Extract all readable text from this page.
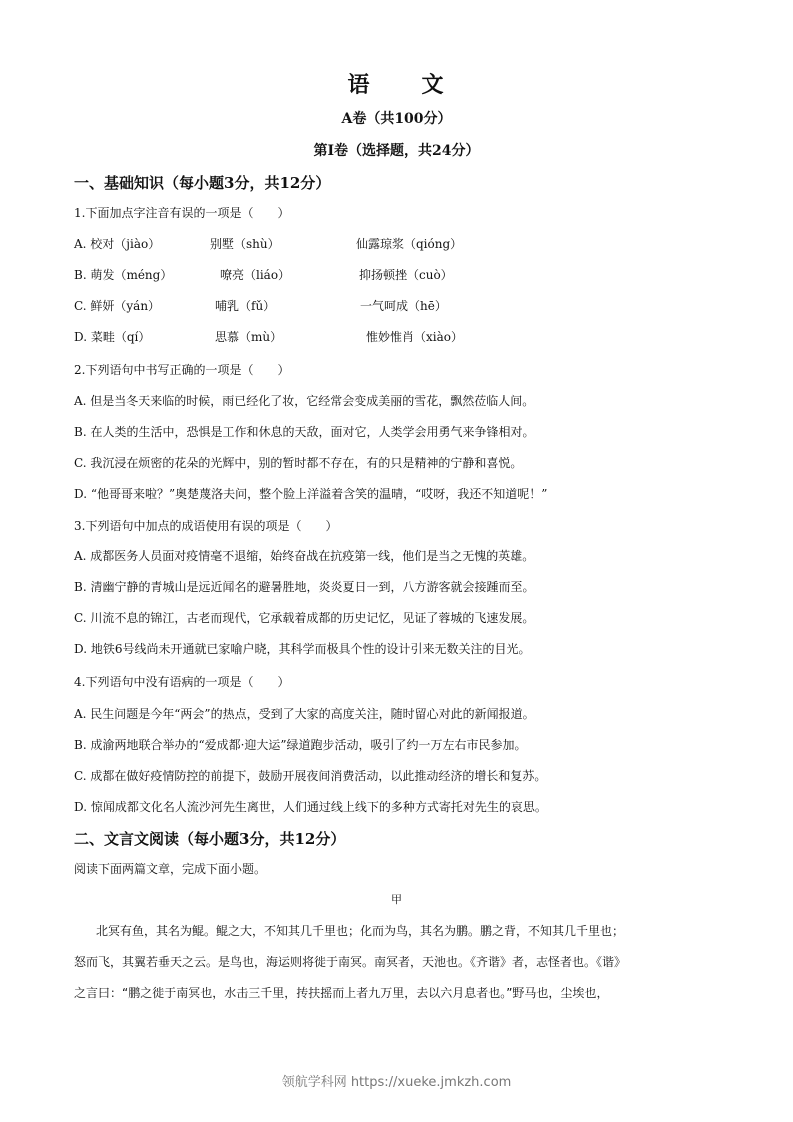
语 文
A卷（共100分）
第Ⅰ卷（选择题，共24分）
一、基础知识（每小题3分，共12分）
1.下面加点字注音有误的一项是（　　）
A. 校对（jiào）	别墅（shù）	仙露琼浆（qióng）
B. 萌发（méng）	嘹亮（liáo）	抑扬顿挫（cuò）
C. 鲜妍（yán）	哺乳（fǔ）	一气呵成（hē）
D. 菜畦（qí）	思慕（mù）	惟妙惟肖（xiào）
2.下列语句中书写正确的一项是（　　）
A. 但是当冬天来临的时候，雨已经化了妆，它经常会变成美丽的雪花，飘然莅临人间。
B. 在人类的生活中，恐惧是工作和休息的天敌，面对它，人类学会用勇气来争锋相对。
C. 我沉浸在烦密的花朵的光辉中，别的暂时都不存在，有的只是精神的宁静和喜悦。
D. “他哥哥来啦？”奥楚蔑洛夫问，整个脸上洋溢着含笑的温晴，“哎呀，我还不知道呢！”
3.下列语句中加点的成语使用有误的项是（　　）
A. 成都医务人员面对疫情毫不退缩，始终奋战在抗疫第一线，他们是当之无愧的英雄。
B. 清幽宁静的青城山是远近闻名的避暑胜地，炎炎夏日一到，八方游客就会接踵而至。
C. 川流不息的锦江，古老而现代，它承载着成都的历史记忆，见证了蓉城的飞速发展。
D. 地铁6号线尚未开通就已家喻户晓，其科学而极具个性的设计引来无数关注的目光。
4.下列语句中没有语病的一项是（　　）
A. 民生问题是今年“两会”的热点，受到了大家的高度关注，随时留心对此的新闻报道。
B. 成渝两地联合举办的“爱成都·迎大运”绿道跑步活动，吸引了约一万左右市民参加。
C. 成都在做好疫情防控的前提下，鼓励开展夜间消费活动，以此推动经济的增长和复苏。
D. 惊闻成都文化名人流沙河先生离世，人们通过线上线下的多种方式寄托对先生的哀思。
二、文言文阅读（每小题3分，共12分）
阅读下面两篇文章，完成下面小题。
甲
北冥有鱼，其名为鲲。鲲之大，不知其几千里也；化而为鸟，其名为鹏。鹏之背，不知其几千里也；
怒而飞，其翼若垂天之云。是鸟也，海运则将徙于南冥。南冥者，天池也。《齐谐》者，志怪者也。《谐》
之言曰：“鹏之徙于南冥也，水击三千里，抟扶摇而上者九万里，去以六月息者也。”野马也，尘埃也，
领航学科网 https://xueke.jmkzh.com
